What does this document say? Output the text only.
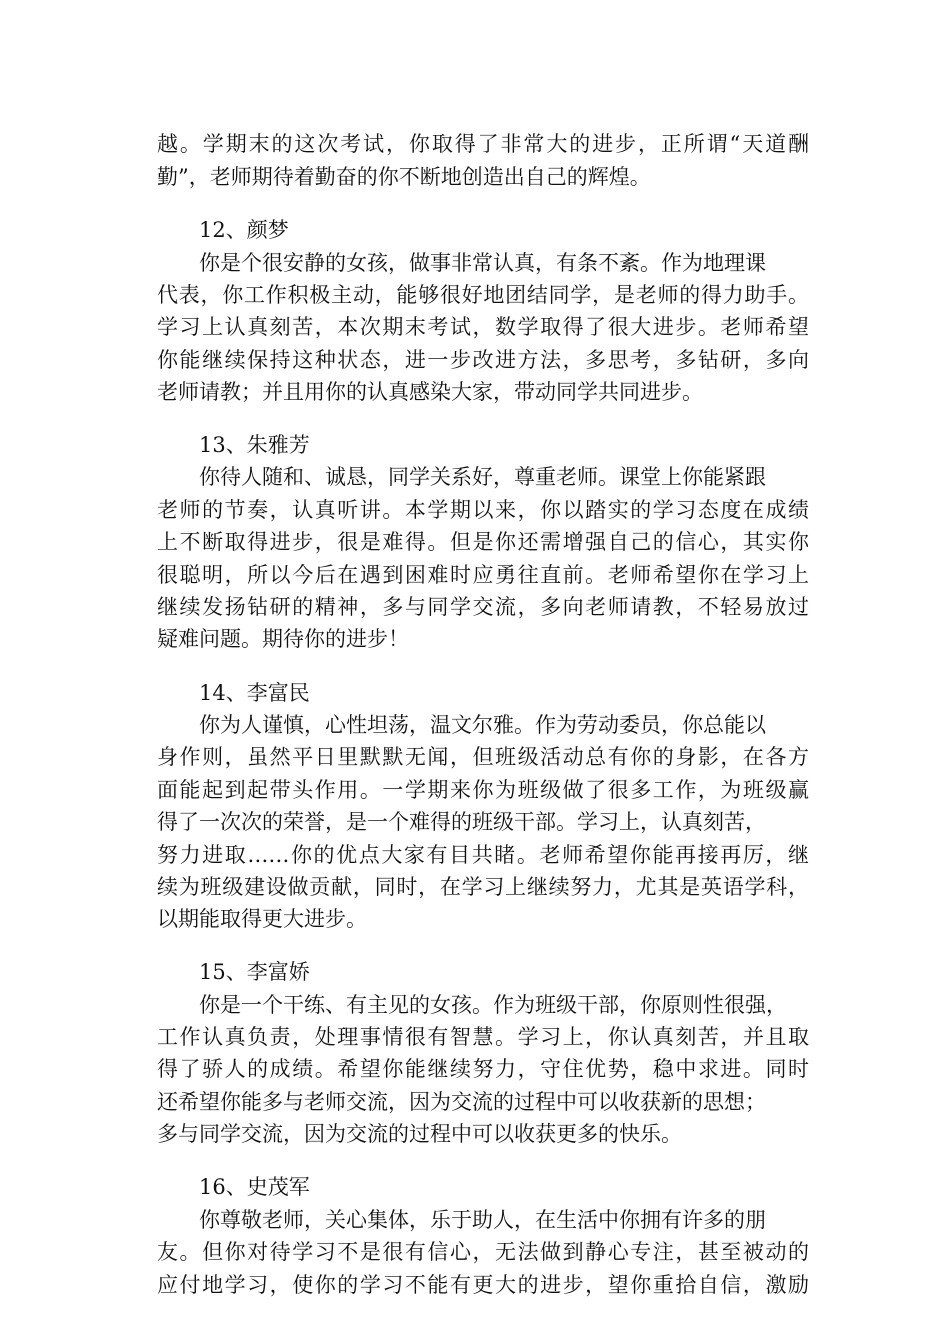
越。学期末的这次考试，你取得了非常大的进步，正所谓“天道酬

勤”，老师期待着勤奋的你不断地创造出自己的辉煌。

12、颜梦

你是个很安静的女孩，做事非常认真，有条不紊。作为地理课

代表，你工作积极主动，能够很好地团结同学，是老师的得力助手。

学习上认真刻苦，本次期末考试，数学取得了很大进步。老师希望

你能继续保持这种状态，进一步改进方法，多思考，多钻研，多向

老师请教；并且用你的认真感染大家，带动同学共同进步。

13、朱雅芳

你待人随和、诚恳，同学关系好，尊重老师。课堂上你能紧跟

老师的节奏，认真听讲。本学期以来，你以踏实的学习态度在成绩

上不断取得进步，很是难得。但是你还需增强自己的信心，其实你

很聪明，所以今后在遇到困难时应勇往直前。老师希望你在学习上

继续发扬钻研的精神，多与同学交流，多向老师请教，不轻易放过

疑难问题。期待你的进步！

14、李富民

你为人谨慎，心性坦荡，温文尔雅。作为劳动委员，你总能以

身作则，虽然平日里默默无闻，但班级活动总有你的身影，在各方

面能起到起带头作用。一学期来你为班级做了很多工作，为班级赢

得了一次次的荣誉，是一个难得的班级干部。学习上，认真刻苦，

努力进取……你的优点大家有目共睹。老师希望你能再接再厉，继

续为班级建设做贡献，同时，在学习上继续努力，尤其是英语学科，

以期能取得更大进步。

15、李富娇

你是一个干练、有主见的女孩。作为班级干部，你原则性很强，

工作认真负责，处理事情很有智慧。学习上，你认真刻苦，并且取

得了骄人的成绩。希望你能继续努力，守住优势，稳中求进。同时

还希望你能多与老师交流，因为交流的过程中可以收获新的思想；

多与同学交流，因为交流的过程中可以收获更多的快乐。

16、史茂军

你尊敬老师，关心集体，乐于助人，在生活中你拥有许多的朋

友。但你对待学习不是很有信心，无法做到静心专注，甚至被动的

应付地学习，使你的学习不能有更大的进步，望你重拾自信，激励
